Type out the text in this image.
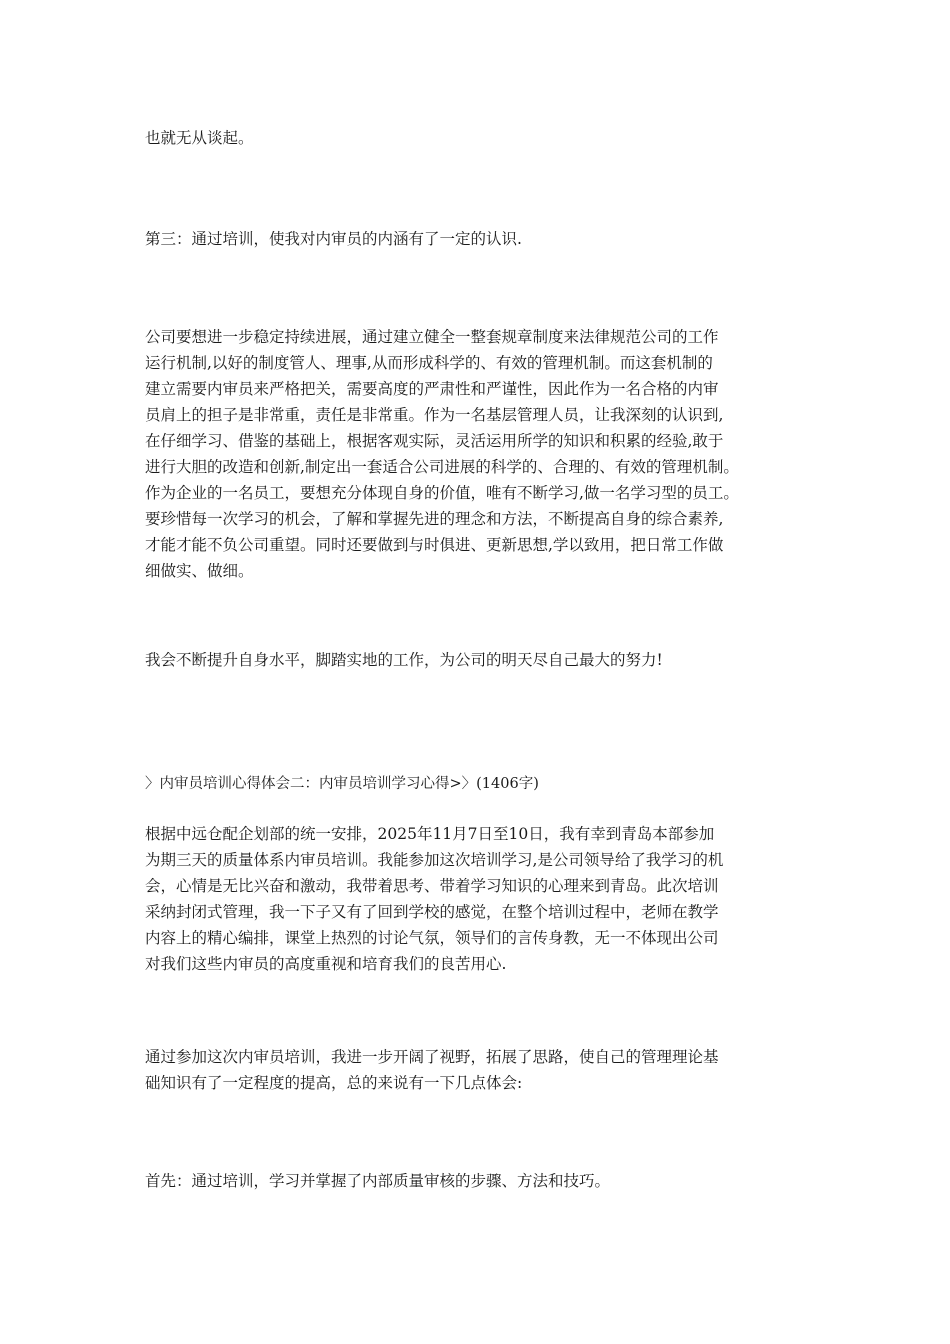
也就无从谈起。

第三：通过培训，使我对内审员的内涵有了一定的认识.

公司要想进一步稳定持续进展，通过建立健全一整套规章制度来法律规范公司的工作
运行机制,以好的制度管人、理事,从而形成科学的、有效的管理机制。而这套机制的
建立需要内审员来严格把关，需要高度的严肃性和严谨性，因此作为一名合格的内审
员肩上的担子是非常重，责任是非常重。作为一名基层管理人员，让我深刻的认识到,
在仔细学习、借鉴的基础上，根据客观实际，灵活运用所学的知识和积累的经验,敢于
进行大胆的改造和创新,制定出一套适合公司进展的科学的、合理的、有效的管理机制。
作为企业的一名员工，要想充分体现自身的价值，唯有不断学习,做一名学习型的员工。
要珍惜每一次学习的机会，了解和掌握先进的理念和方法，不断提高自身的综合素养,
才能才能不负公司重望。同时还要做到与时俱进、更新思想,学以致用，把日常工作做
细做实、做细。

我会不断提升自身水平，脚踏实地的工作，为公司的明天尽自己最大的努力!

〉内审员培训心得体会二：内审员培训学习心得>〉(1406字)

根据中远仓配企划部的统一安排，2025年11月7日至10日，我有幸到青岛本部参加
为期三天的质量体系内审员培训。我能参加这次培训学习,是公司领导给了我学习的机
会，心情是无比兴奋和激动，我带着思考、带着学习知识的心理来到青岛。此次培训
采纳封闭式管理，我一下子又有了回到学校的感觉，在整个培训过程中，老师在教学
内容上的精心编排，课堂上热烈的讨论气氛，领导们的言传身教，无一不体现出公司
对我们这些内审员的高度重视和培育我们的良苦用心.
通过参加这次内审员培训，我进一步开阔了视野，拓展了思路，使自己的管理理论基
础知识有了一定程度的提高，总的来说有一下几点体会:

首先：通过培训，学习并掌握了内部质量审核的步骤、方法和技巧。
